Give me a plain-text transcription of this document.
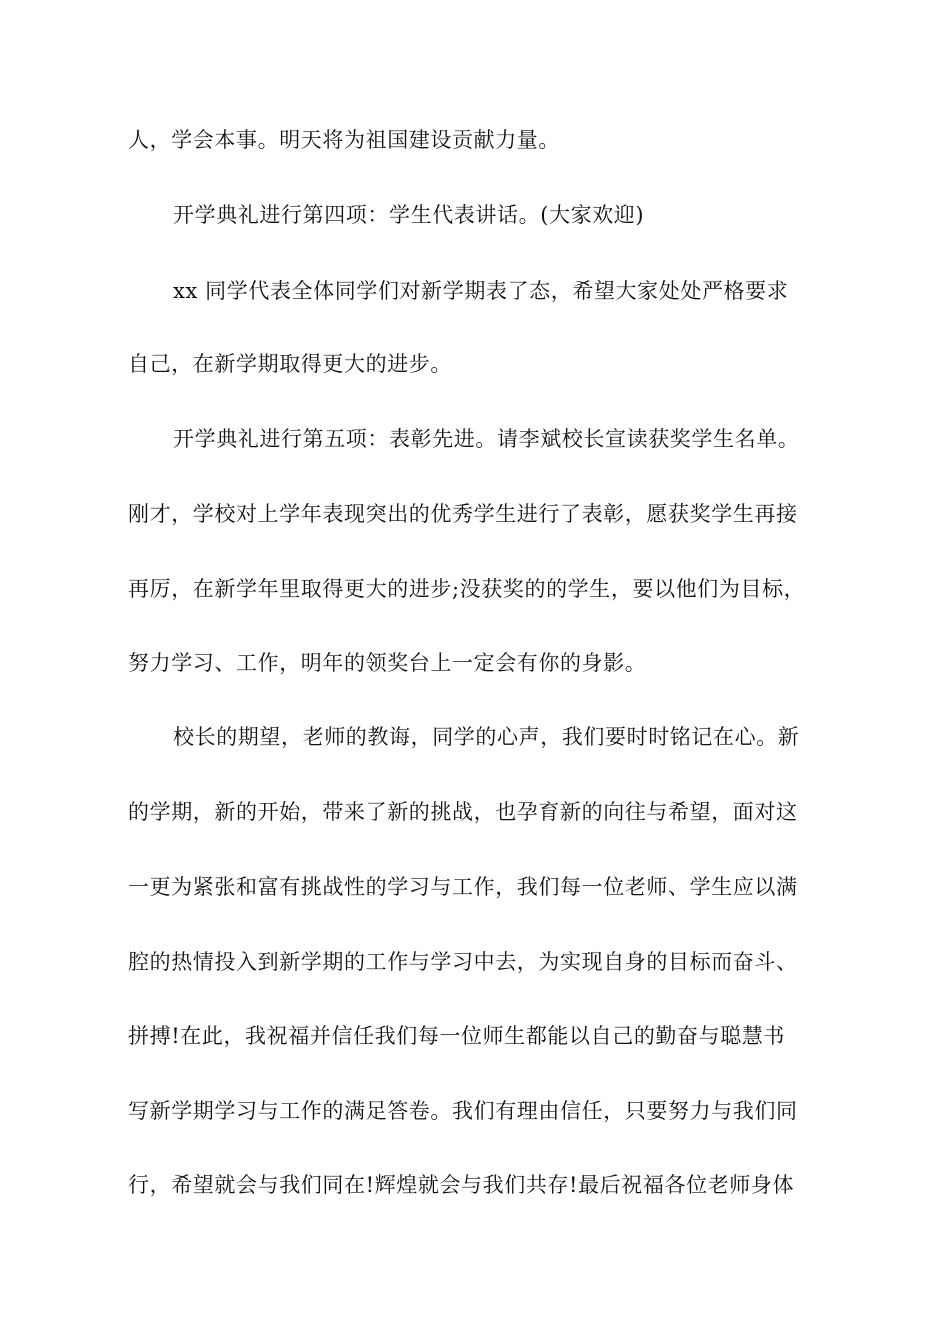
人，学会本事。明天将为祖国建设贡献力量。
开学典礼进行第四项：学生代表讲话。(大家欢迎)
xx 同学代表全体同学们对新学期表了态，希望大家处处严格要求
自己，在新学期取得更大的进步。
开学典礼进行第五项：表彰先进。请李斌校长宣读获奖学生名单。
刚才，学校对上学年表现突出的优秀学生进行了表彰，愿获奖学生再接
再厉，在新学年里取得更大的进步;没获奖的的学生，要以他们为目标，
努力学习、工作，明年的领奖台上一定会有你的身影。
校长的期望，老师的教诲，同学的心声，我们要时时铭记在心。新
的学期，新的开始，带来了新的挑战，也孕育新的向往与希望，面对这
一更为紧张和富有挑战性的学习与工作，我们每一位老师、学生应以满
腔的热情投入到新学期的工作与学习中去，为实现自身的目标而奋斗、
拼搏!在此，我祝福并信任我们每一位师生都能以自己的勤奋与聪慧书
写新学期学习与工作的满足答卷。我们有理由信任，只要努力与我们同
行，希望就会与我们同在!辉煌就会与我们共存!最后祝福各位老师身体
